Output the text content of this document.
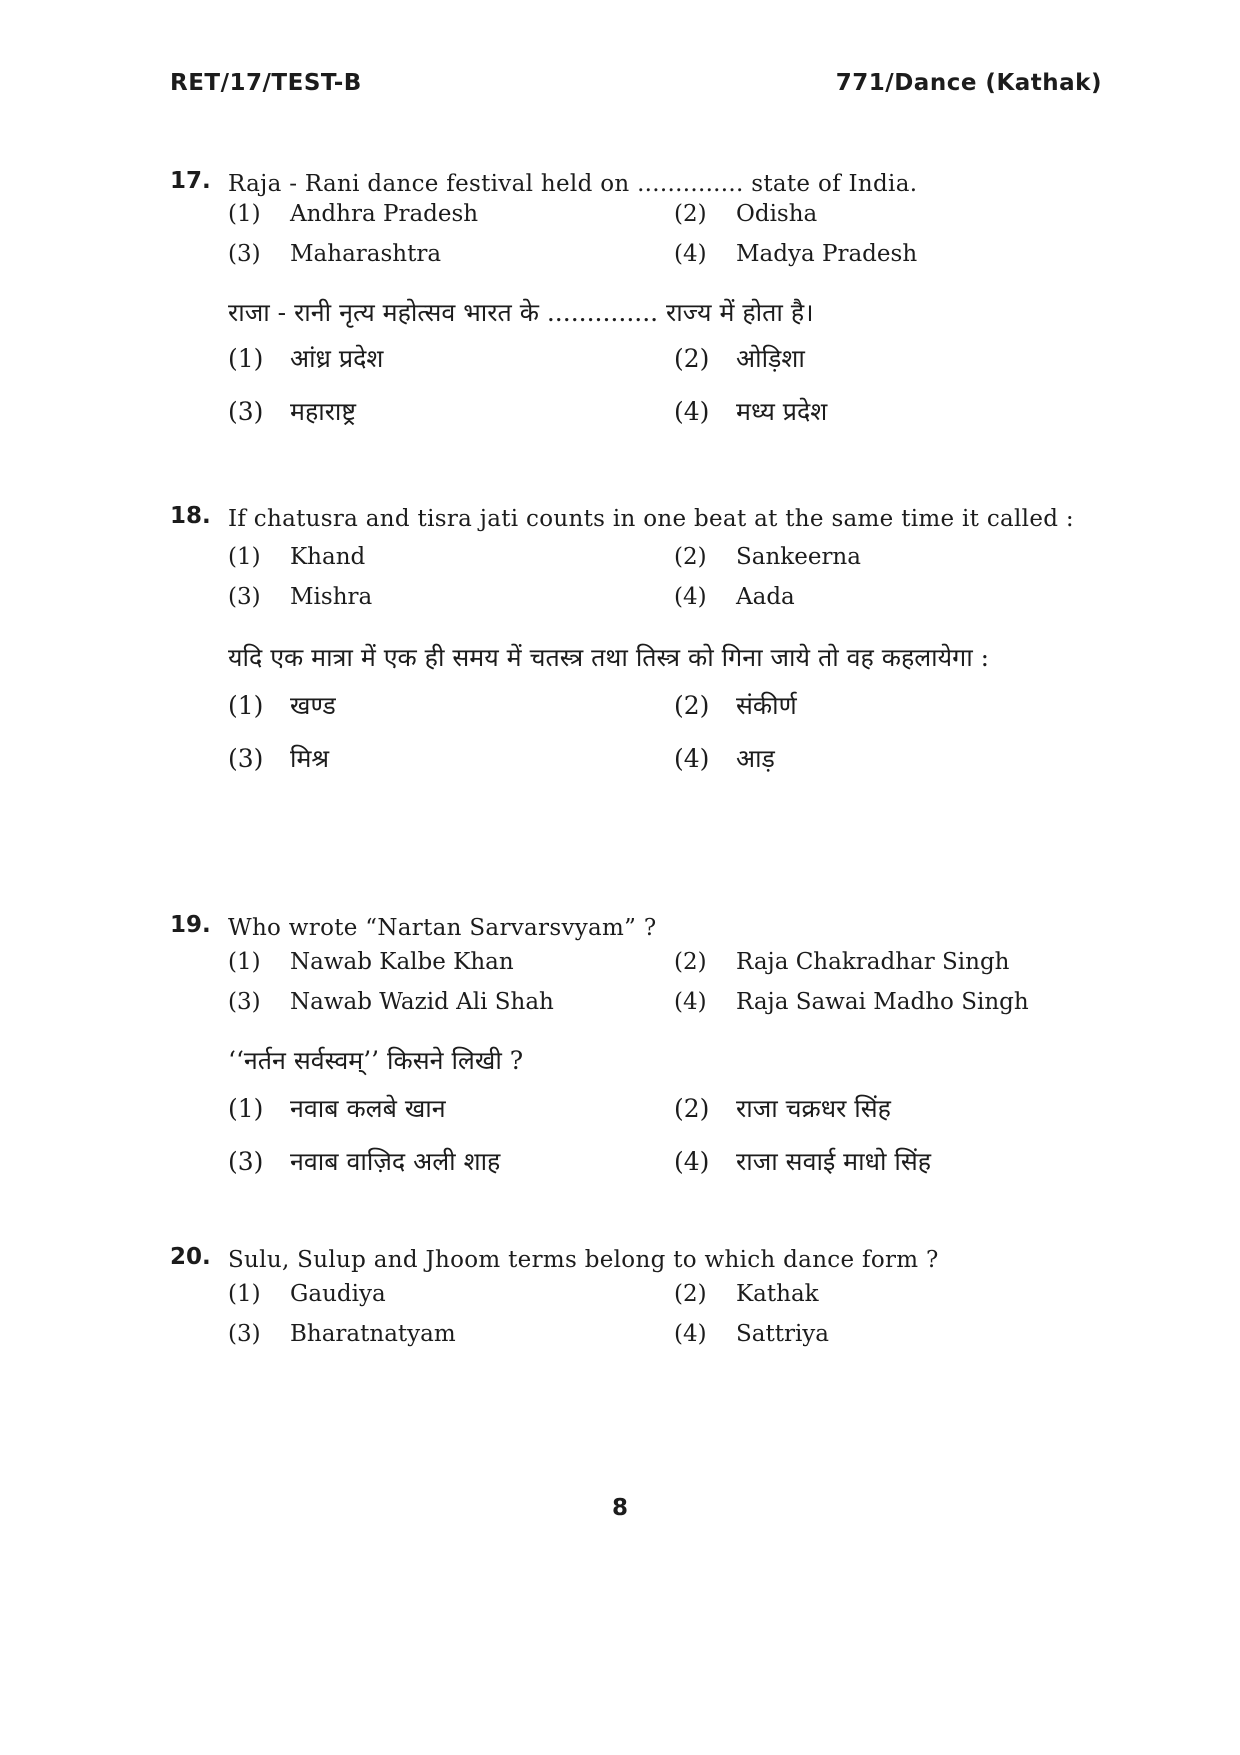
RET/17/TEST-B	771/Dance (Kathak)
17. Raja - Rani dance festival held on .............. state of India.
(1) Andhra Pradesh	(2) Odisha
(3) Maharashtra	(4) Madya Pradesh
राजा - रानी नृत्य महोत्सव भारत के .............. राज्य में होता है।
(1) आंध्र प्रदेश	(2) ओड़िशा
(3) महाराष्ट्र	(4) मध्य प्रदेश
18. If chatusra and tisra jati counts in one beat at the same time it called :
(1) Khand	(2) Sankeerna
(3) Mishra	(4) Aada
यदि एक मात्रा में एक ही समय में चतस्त्र तथा तिस्त्र को गिना जाये तो वह कहलायेगा :
(1) खण्ड	(2) संकीर्ण
(3) मिश्र	(4) आड़
19. Who wrote “Nartan Sarvarsvyam” ?
(1) Nawab Kalbe Khan	(2) Raja Chakradhar Singh
(3) Nawab Wazid Ali Shah	(4) Raja Sawai Madho Singh
‘‘नर्तन सर्वस्वम्’’ किसने लिखी ?
(1) नवाब कलबे खान	(2) राजा चक्रधर सिंह
(3) नवाब वाज़िद अली शाह	(4) राजा सवाई माधो सिंह
20. Sulu, Sulup and Jhoom terms belong to which dance form ?
(1) Gaudiya	(2) Kathak
(3) Bharatnatyam	(4) Sattriya
8
